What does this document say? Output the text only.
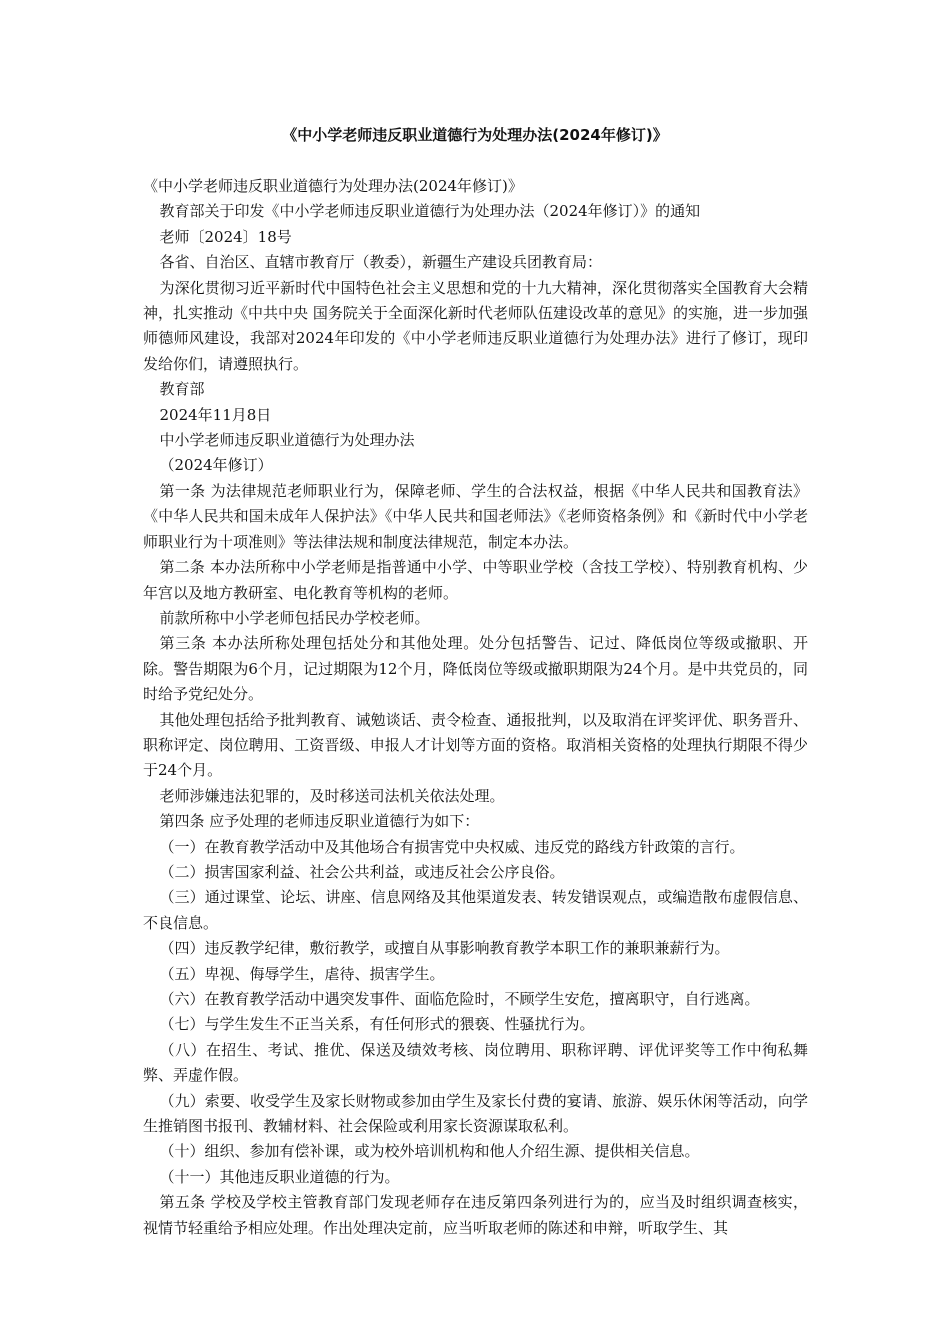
《中小学老师违反职业道德行为处理办法(2024年修订)》

《中小学老师违反职业道德行为处理办法(2024年修订)》

教育部关于印发《中小学老师违反职业道德行为处理办法（2024年修订）》的通知

老师〔2024〕18号

各省、自治区、直辖市教育厅（教委），新疆生产建设兵团教育局：

为深化贯彻习近平新时代中国特色社会主义思想和党的十九大精神，深化贯彻落实全国教育大会精神，扎实推动《中共中央 国务院关于全面深化新时代老师队伍建设改革的意见》的实施，进一步加强师德师风建设，我部对2024年印发的《中小学老师违反职业道德行为处理办法》进行了修订，现印发给你们，请遵照执行。

教育部

2024年11月8日

中小学老师违反职业道德行为处理办法

（2024年修订）

第一条 为法律规范老师职业行为，保障老师、学生的合法权益，根据《中华人民共和国教育法》《中华人民共和国未成年人保护法》《中华人民共和国老师法》《老师资格条例》和《新时代中小学老师职业行为十项准则》等法律法规和制度法律规范，制定本办法。

第二条 本办法所称中小学老师是指普通中小学、中等职业学校（含技工学校）、特别教育机构、少年宫以及地方教研室、电化教育等机构的老师。

前款所称中小学老师包括民办学校老师。

第三条 本办法所称处理包括处分和其他处理。处分包括警告、记过、降低岗位等级或撤职、开除。警告期限为6个月，记过期限为12个月，降低岗位等级或撤职期限为24个月。是中共党员的，同时给予党纪处分。

其他处理包括给予批判教育、诫勉谈话、责令检查、通报批判，以及取消在评奖评优、职务晋升、职称评定、岗位聘用、工资晋级、申报人才计划等方面的资格。取消相关资格的处理执行期限不得少于24个月。

老师涉嫌违法犯罪的，及时移送司法机关依法处理。

第四条 应予处理的老师违反职业道德行为如下：

（一）在教育教学活动中及其他场合有损害党中央权威、违反党的路线方针政策的言行。

（二）损害国家利益、社会公共利益，或违反社会公序良俗。

（三）通过课堂、论坛、讲座、信息网络及其他渠道发表、转发错误观点，或编造散布虚假信息、不良信息。

（四）违反教学纪律，敷衍教学，或擅自从事影响教育教学本职工作的兼职兼薪行为。

（五）卑视、侮辱学生，虐待、损害学生。

（六）在教育教学活动中遇突发事件、面临危险时，不顾学生安危，擅离职守，自行逃离。

（七）与学生发生不正当关系，有任何形式的猥亵、性骚扰行为。

（八）在招生、考试、推优、保送及绩效考核、岗位聘用、职称评聘、评优评奖等工作中徇私舞弊、弄虚作假。

（九）索要、收受学生及家长财物或参加由学生及家长付费的宴请、旅游、娱乐休闲等活动，向学生推销图书报刊、教辅材料、社会保险或利用家长资源谋取私利。

（十）组织、参加有偿补课，或为校外培训机构和他人介绍生源、提供相关信息。

（十一）其他违反职业道德的行为。

第五条 学校及学校主管教育部门发现老师存在违反第四条列进行为的，应当及时组织调查核实，视情节轻重给予相应处理。作出处理决定前，应当听取老师的陈述和申辩，听取学生、其
